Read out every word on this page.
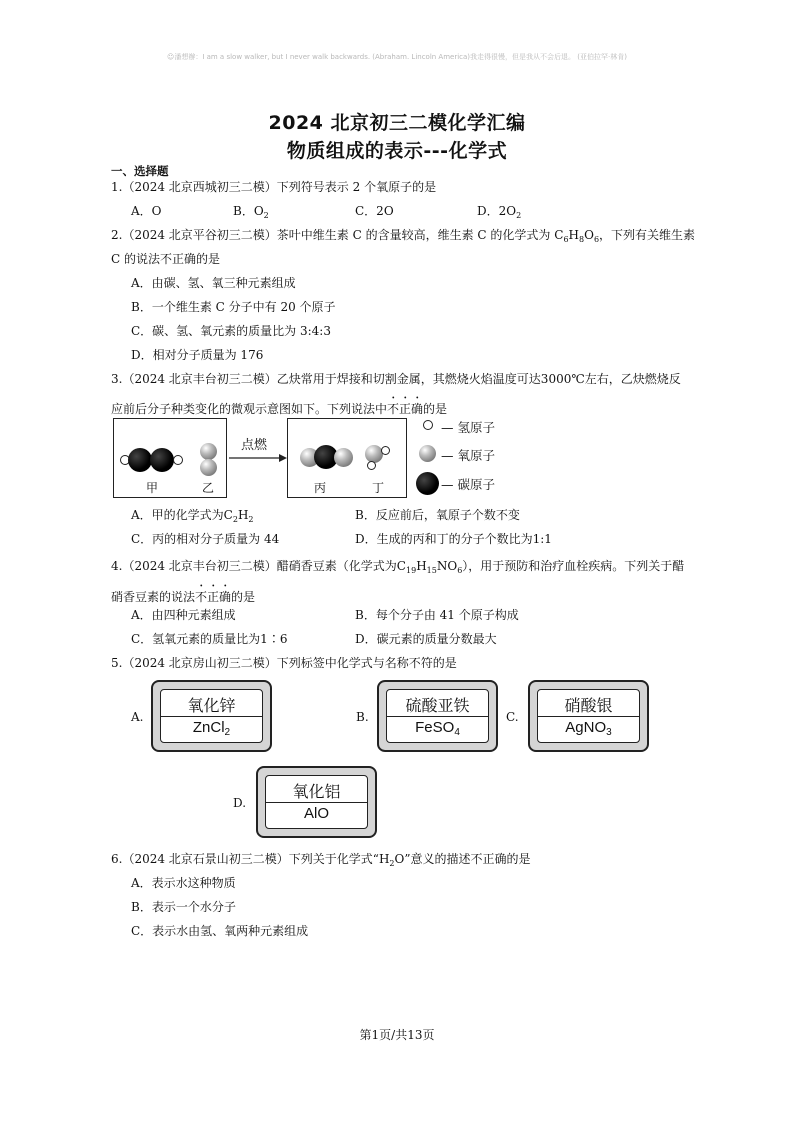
☺潘想辦：I am a slow walker, but I never walk backwards. (Abraham. Lincoln America)我走得很慢，但是我从不会后退。 (亚伯拉罕·林肯)
2024 北京初三二模化学汇编
物质组成的表示---化学式
一、选择题
1.（2024 北京西城初三二模）下列符号表示 2 个氧原子的是
A．O	B．$O_2$	C．2O	D．$2O_2$
2.（2024 北京平谷初三二模）茶叶中维生素 C 的含量较高，维生素 C 的化学式为 $C_6H_8O_6$，下列有关维生素
C 的说法不正确的是
A．由碳、氢、氧三种元素组成
B．一个维生素 C 分子中有 20 个原子
C．碳、氢、氧元素的质量比为 3:4:3
D．相对分子质量为 176
3.（2024 北京丰台初三二模）乙炔常用于焊接和切割金属，其燃烧火焰温度可达3000℃左右，乙炔燃烧反
应前后分子种类变化的微观示意图如下。下列说法中不正确的是
甲	乙
点燃
丙	丁
— 氢原子
— 氧原子
— 碳原子
A．甲的化学式为$C_2H_2$	B．反应前后，氧原子个数不变
C．丙的相对分子质量为 44	D．生成的丙和丁的分子个数比为1:1
4.（2024 北京丰台初三二模）醋硝香豆素（化学式为$C_{19}H_{15}NO_6$），用于预防和治疗血栓疾病。下列关于醋
硝香豆素的说法不正确的是
A．由四种元素组成	B．每个分子由 41 个原子构成
C．氢氧元素的质量比为1∶6	D．碳元素的质量分数最大
5.（2024 北京房山初三二模）下列标签中化学式与名称不符的是
A.
氧化锌
ZnCl$_2$
B.
硫酸亚铁
FeSO$_4$
C.
硝酸银
AgNO$_3$
D.
氧化铝
AlO
6.（2024 北京石景山初三二模）下列关于化学式“$H_2O$”意义的描述不正确的是
A．表示水这种物质
B．表示一个水分子
C．表示水由氢、氧两种元素组成
第1页/共13页
